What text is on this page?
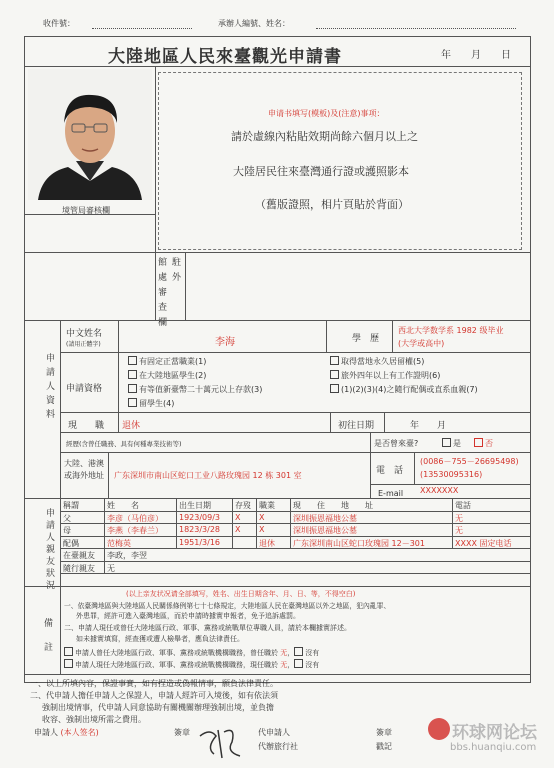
收件號：	承辦人編號、姓名：
大陸地區人民來臺觀光申請書	年　　月　　日
境管局審核欄
申请书填写(模板)及(注意)事项：
請於虛線內粘貼效期尚餘六個月以上之
大陸居民往來臺灣通行證或護照影本
（舊版證照，相片頁貼於背面）
館處審查欄
駐外
申請人資料
中文姓名
(請用正體字)	李海	學　歷
西北大学数学系 1982 级毕业
(大学或高中)
申請資格
有固定正當職業(1)
在大陸地區學生(2)
有等值新臺幣二十萬元以上存款(3)
留學生(4)
取得當地永久居留權(5)
旅外四年以上有工作證明(6)
(1)(2)(3)(4)之隨行配偶或直系血親(7)
現　　職 退休	初往日期	年　　月
經歷(含曾任職務、具有何種專業技術等)	是否曾來臺?	是	否
大陸、港澳或海外地址	广东深圳市南山区蛇口工业八路玫瑰园 12 栋 301 室	電　話
(0086－755－26695498)
(13530095316)
E-mail XXXXXXX
申請人親友狀況
稱謂	姓　　名	出生日期	存歿 職業 現　　住　　地　　址	電話
父	李彦（马伯彦） 1923/09/3 X X	深圳振恩福地公墓	无
母	李燕（李春兰） 1823/3/28 X X	深圳振恩福地公墓	无
配偶	范梅英	1951/3/16	退休 广东深圳南山区蛇口玫瑰园 12－301	XXXX 固定电话
在臺親友 李政，李翌
隨行親友 无
備註
(以上亲友状况请全部填写，姓名、出生日期含年、月、日、等，不得空白)
一、依臺灣地區與大陸地區人民關係條例第七十七條規定，大陸地區人民在臺灣地區以外之地區，犯內亂罪、
外患罪，經許可進入臺灣地區，而於申請時據實申報者，免予追訴處罰。
二、申請人現任或曾任大陸地區行政、軍事、黨務或統戰單位專職人員，請於本欄據實詳述。
如未據實填寫，經查獲或遭人檢舉者，應負法律責任。
申請人曾任大陸地區行政、軍事、黨務或統戰機構職務，曾任職於 无， 沒有
申請人現任大陸地區行政、軍事、黨務或統戰機構職務，現任職於 无， 沒有
一、以上所填內容，保證事實，如有捏造或偽報情事，願負法律責任。
二、代申請人擔任申請人之保證人，申請人經許可入境後，如有依法須
強制出境情事，代申請人同意協助有關機關辦理強制出境，並負擔
收容、強制出境所需之費用。
申請人 (本人签名)	簽章	代申請人
代辦旅行社
簽章
戳記
环球网论坛
bbs.huanqiu.com
